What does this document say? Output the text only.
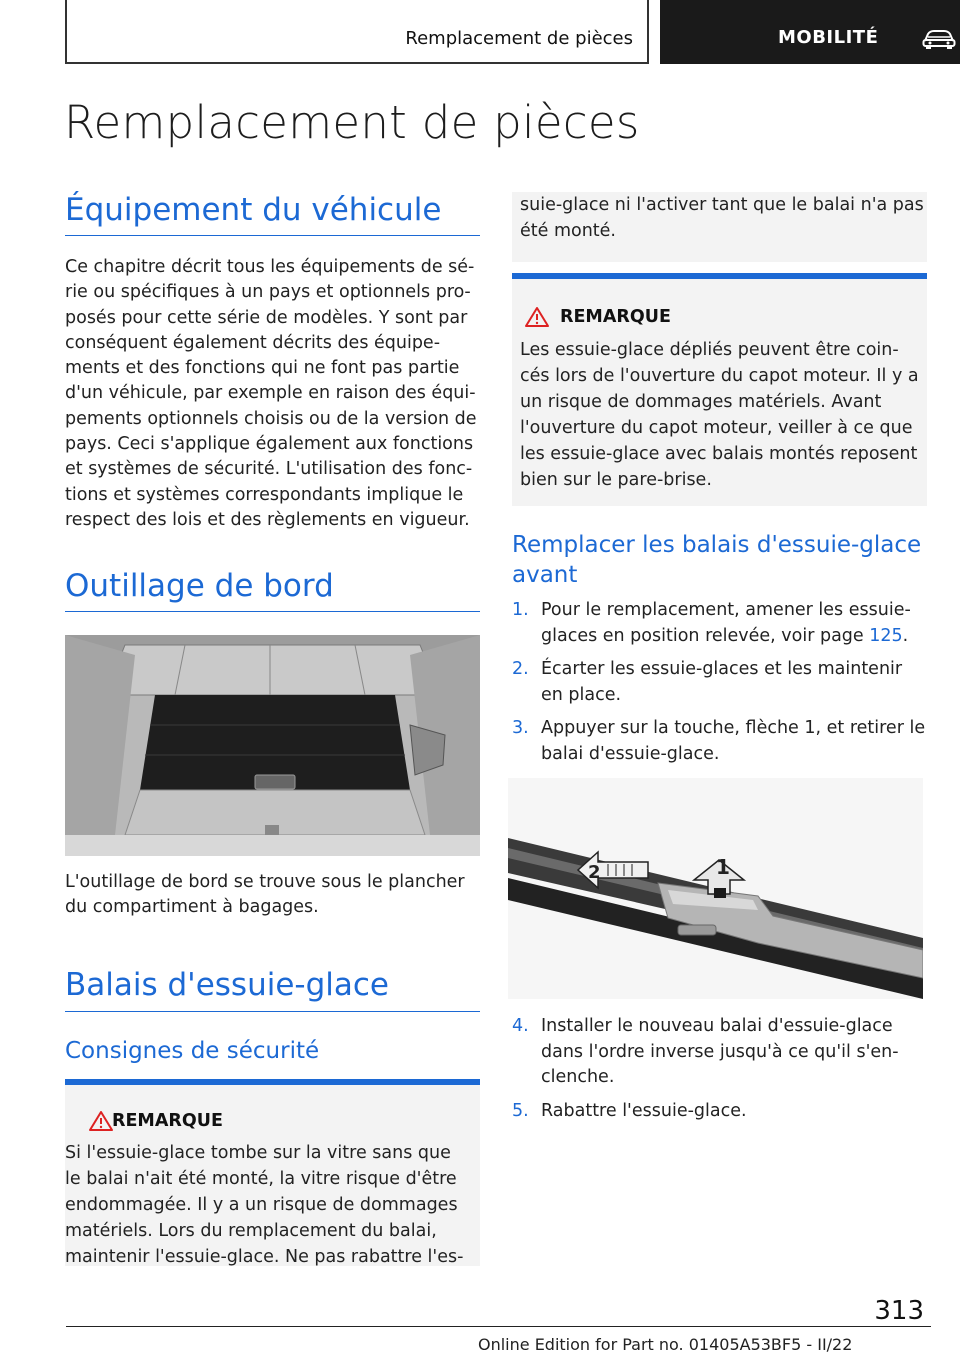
Remplacement de pièces	MOBILITÉ
Remplacement de pièces
Équipement du véhicule
Ce chapitre décrit tous les équipements de sé‐
rie ou spécifiques à un pays et optionnels pro‐
posés pour cette série de modèles. Y sont par
conséquent également décrits des équipe‐
ments et des fonctions qui ne font pas partie
d'un véhicule, par exemple en raison des équi‐
pements optionnels choisis ou de la version de
pays. Ceci s'applique également aux fonctions
et systèmes de sécurité. L'utilisation des fonc‐
tions et systèmes correspondants implique le
respect des lois et des règlements en vigueur.
Outillage de bord
L'outillage de bord se trouve sous le plancher
du compartiment à bagages.
Balais d'essuie-glace
Consignes de sécurité
REMARQUE
Si l'essuie-glace tombe sur la vitre sans que
le balai n'ait été monté, la vitre risque d'être
endommagée. Il y a un risque de dommages
matériels. Lors du remplacement du balai,
maintenir l'essuie-glace. Ne pas rabattre l'es‐
suie-glace ni l'activer tant que le balai n'a pas
été monté.
REMARQUE
Les essuie-glace dépliés peuvent être coin‐
cés lors de l'ouverture du capot moteur. Il y a
un risque de dommages matériels. Avant
l'ouverture du capot moteur, veiller à ce que
les essuie-glace avec balais montés reposent
bien sur le pare-brise.
Remplacer les balais d'essuie-glace
avant
1. Pour le remplacement, amener les essuie-
glaces en position relevée, voir page 125.
2. Écarter les essuie-glaces et les maintenir
en place.
3. Appuyer sur la touche, flèche 1, et retirer le
balai d'essuie-glace.
1
2
4. Installer le nouveau balai d'essuie-glace
dans l'ordre inverse jusqu'à ce qu'il s'en‐
clenche.
5. Rabattre l'essuie-glace.
313
Online Edition for Part no. 01405A53BF5 - II/22
